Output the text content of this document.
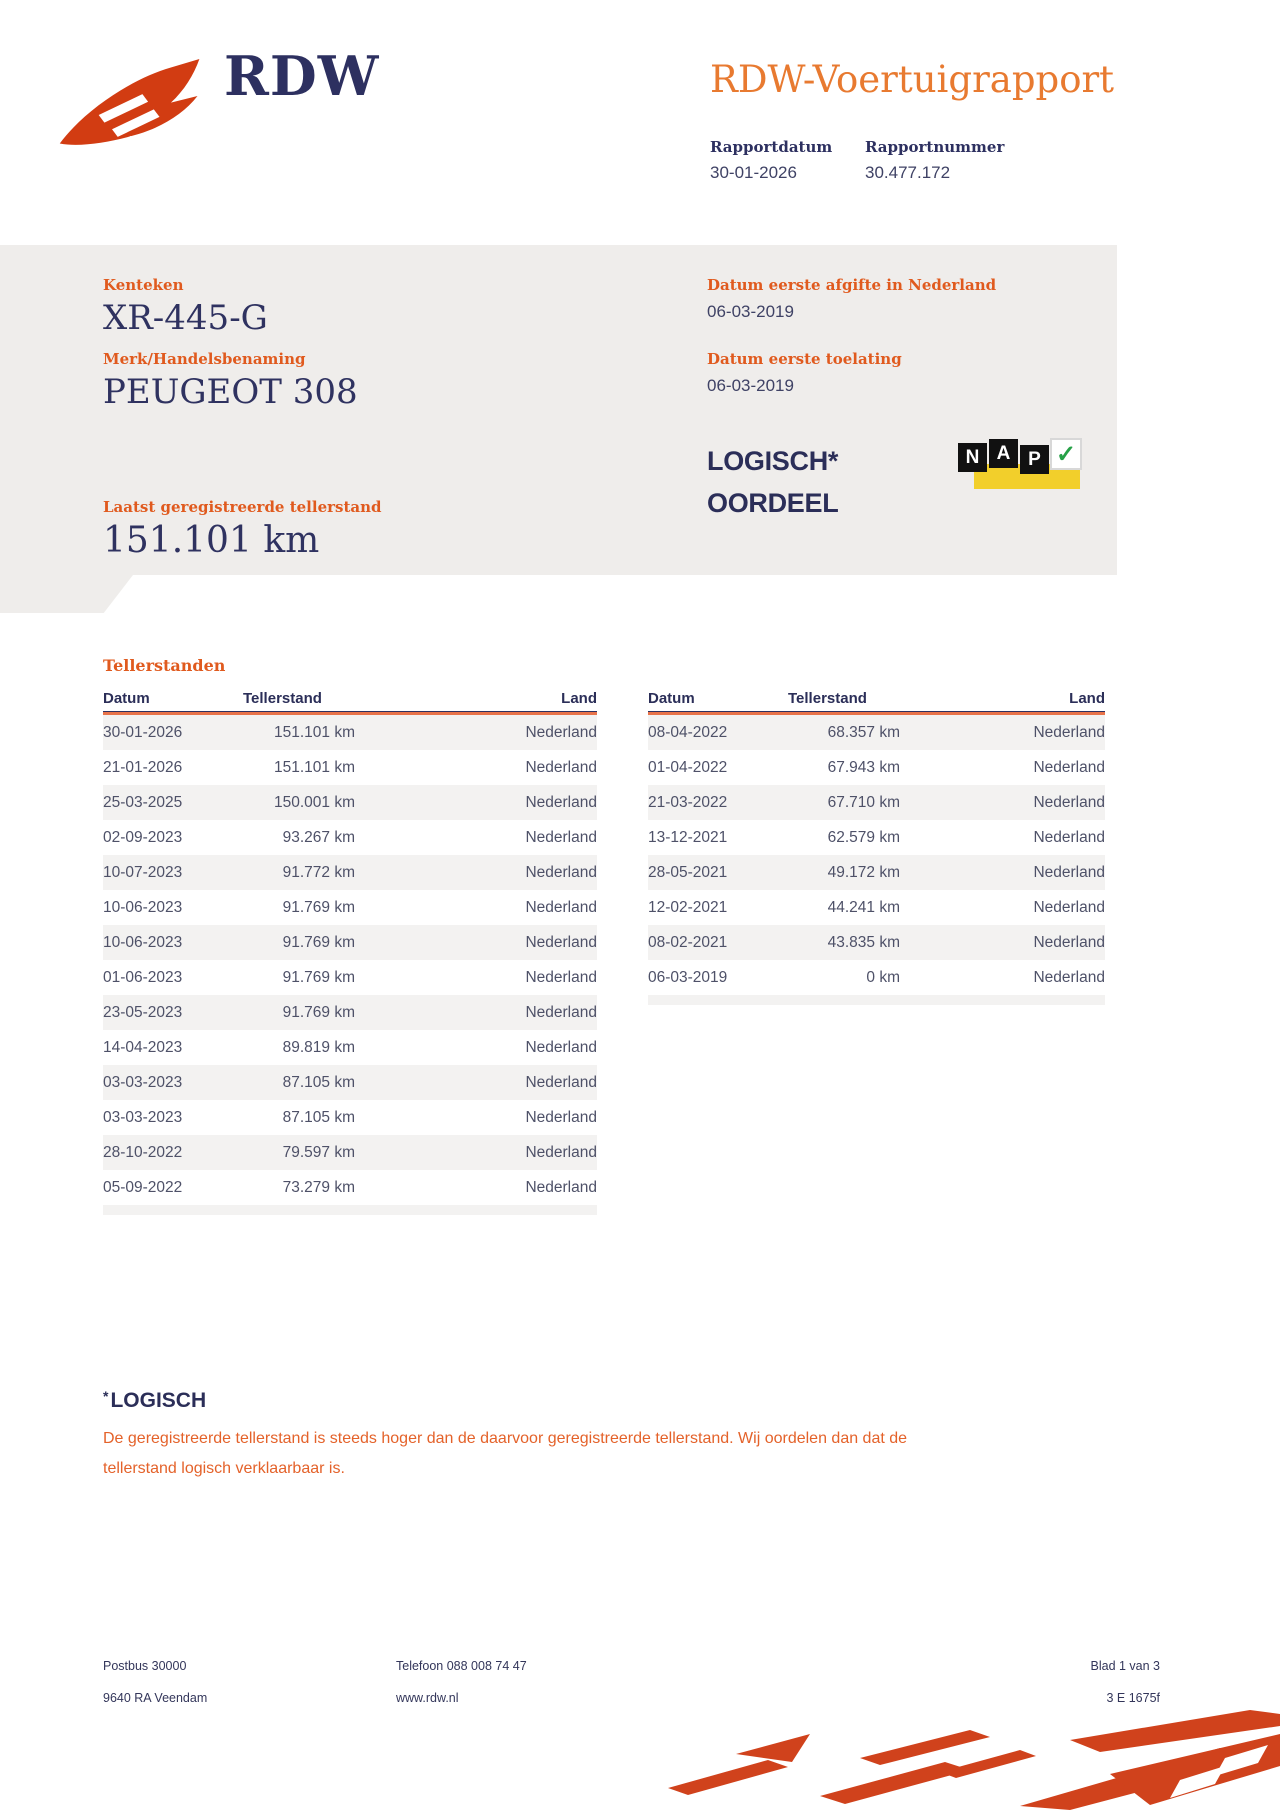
RDW	RDW-Voertuigrapport
Rapportdatum Rapportnummer
30-01-2026	30.477.172
Kenteken
XR-445-G
Merk/Handelsbenaming
PEUGEOT 308
Laatst geregistreerde tellerstand
151.101 km
Datum eerste afgifte in Nederland
06-03-2019
Datum eerste toelating
06-03-2019
LOGISCH*
OORDEEL
N A P ✓
Tellerstanden
Datum	Tellerstand	Land
30-01-2026	151.101 km	Nederland
21-01-2026	151.101 km	Nederland
25-03-2025	150.001 km	Nederland
02-09-2023	93.267 km	Nederland
10-07-2023	91.772 km	Nederland
10-06-2023	91.769 km	Nederland
10-06-2023	91.769 km	Nederland
01-06-2023	91.769 km	Nederland
23-05-2023	91.769 km	Nederland
14-04-2023	89.819 km	Nederland
03-03-2023	87.105 km	Nederland
03-03-2023	87.105 km	Nederland
28-10-2022	79.597 km	Nederland
05-09-2022	73.279 km	Nederland
Datum	Tellerstand	Land
08-04-2022	68.357 km	Nederland
01-04-2022	67.943 km	Nederland
21-03-2022	67.710 km	Nederland
13-12-2021	62.579 km	Nederland
28-05-2021	49.172 km	Nederland
12-02-2021	44.241 km	Nederland
08-02-2021	43.835 km	Nederland
06-03-2019	0 km	Nederland
*LOGISCH
De geregistreerde tellerstand is steeds hoger dan de daarvoor geregistreerde tellerstand. Wij oordelen dan dat de tellerstand logisch verklaarbaar is.
Postbus 30000
9640 RA Veendam
Telefoon 088 008 74 47
www.rdw.nl
Blad 1 van 3
3 E 1675f
